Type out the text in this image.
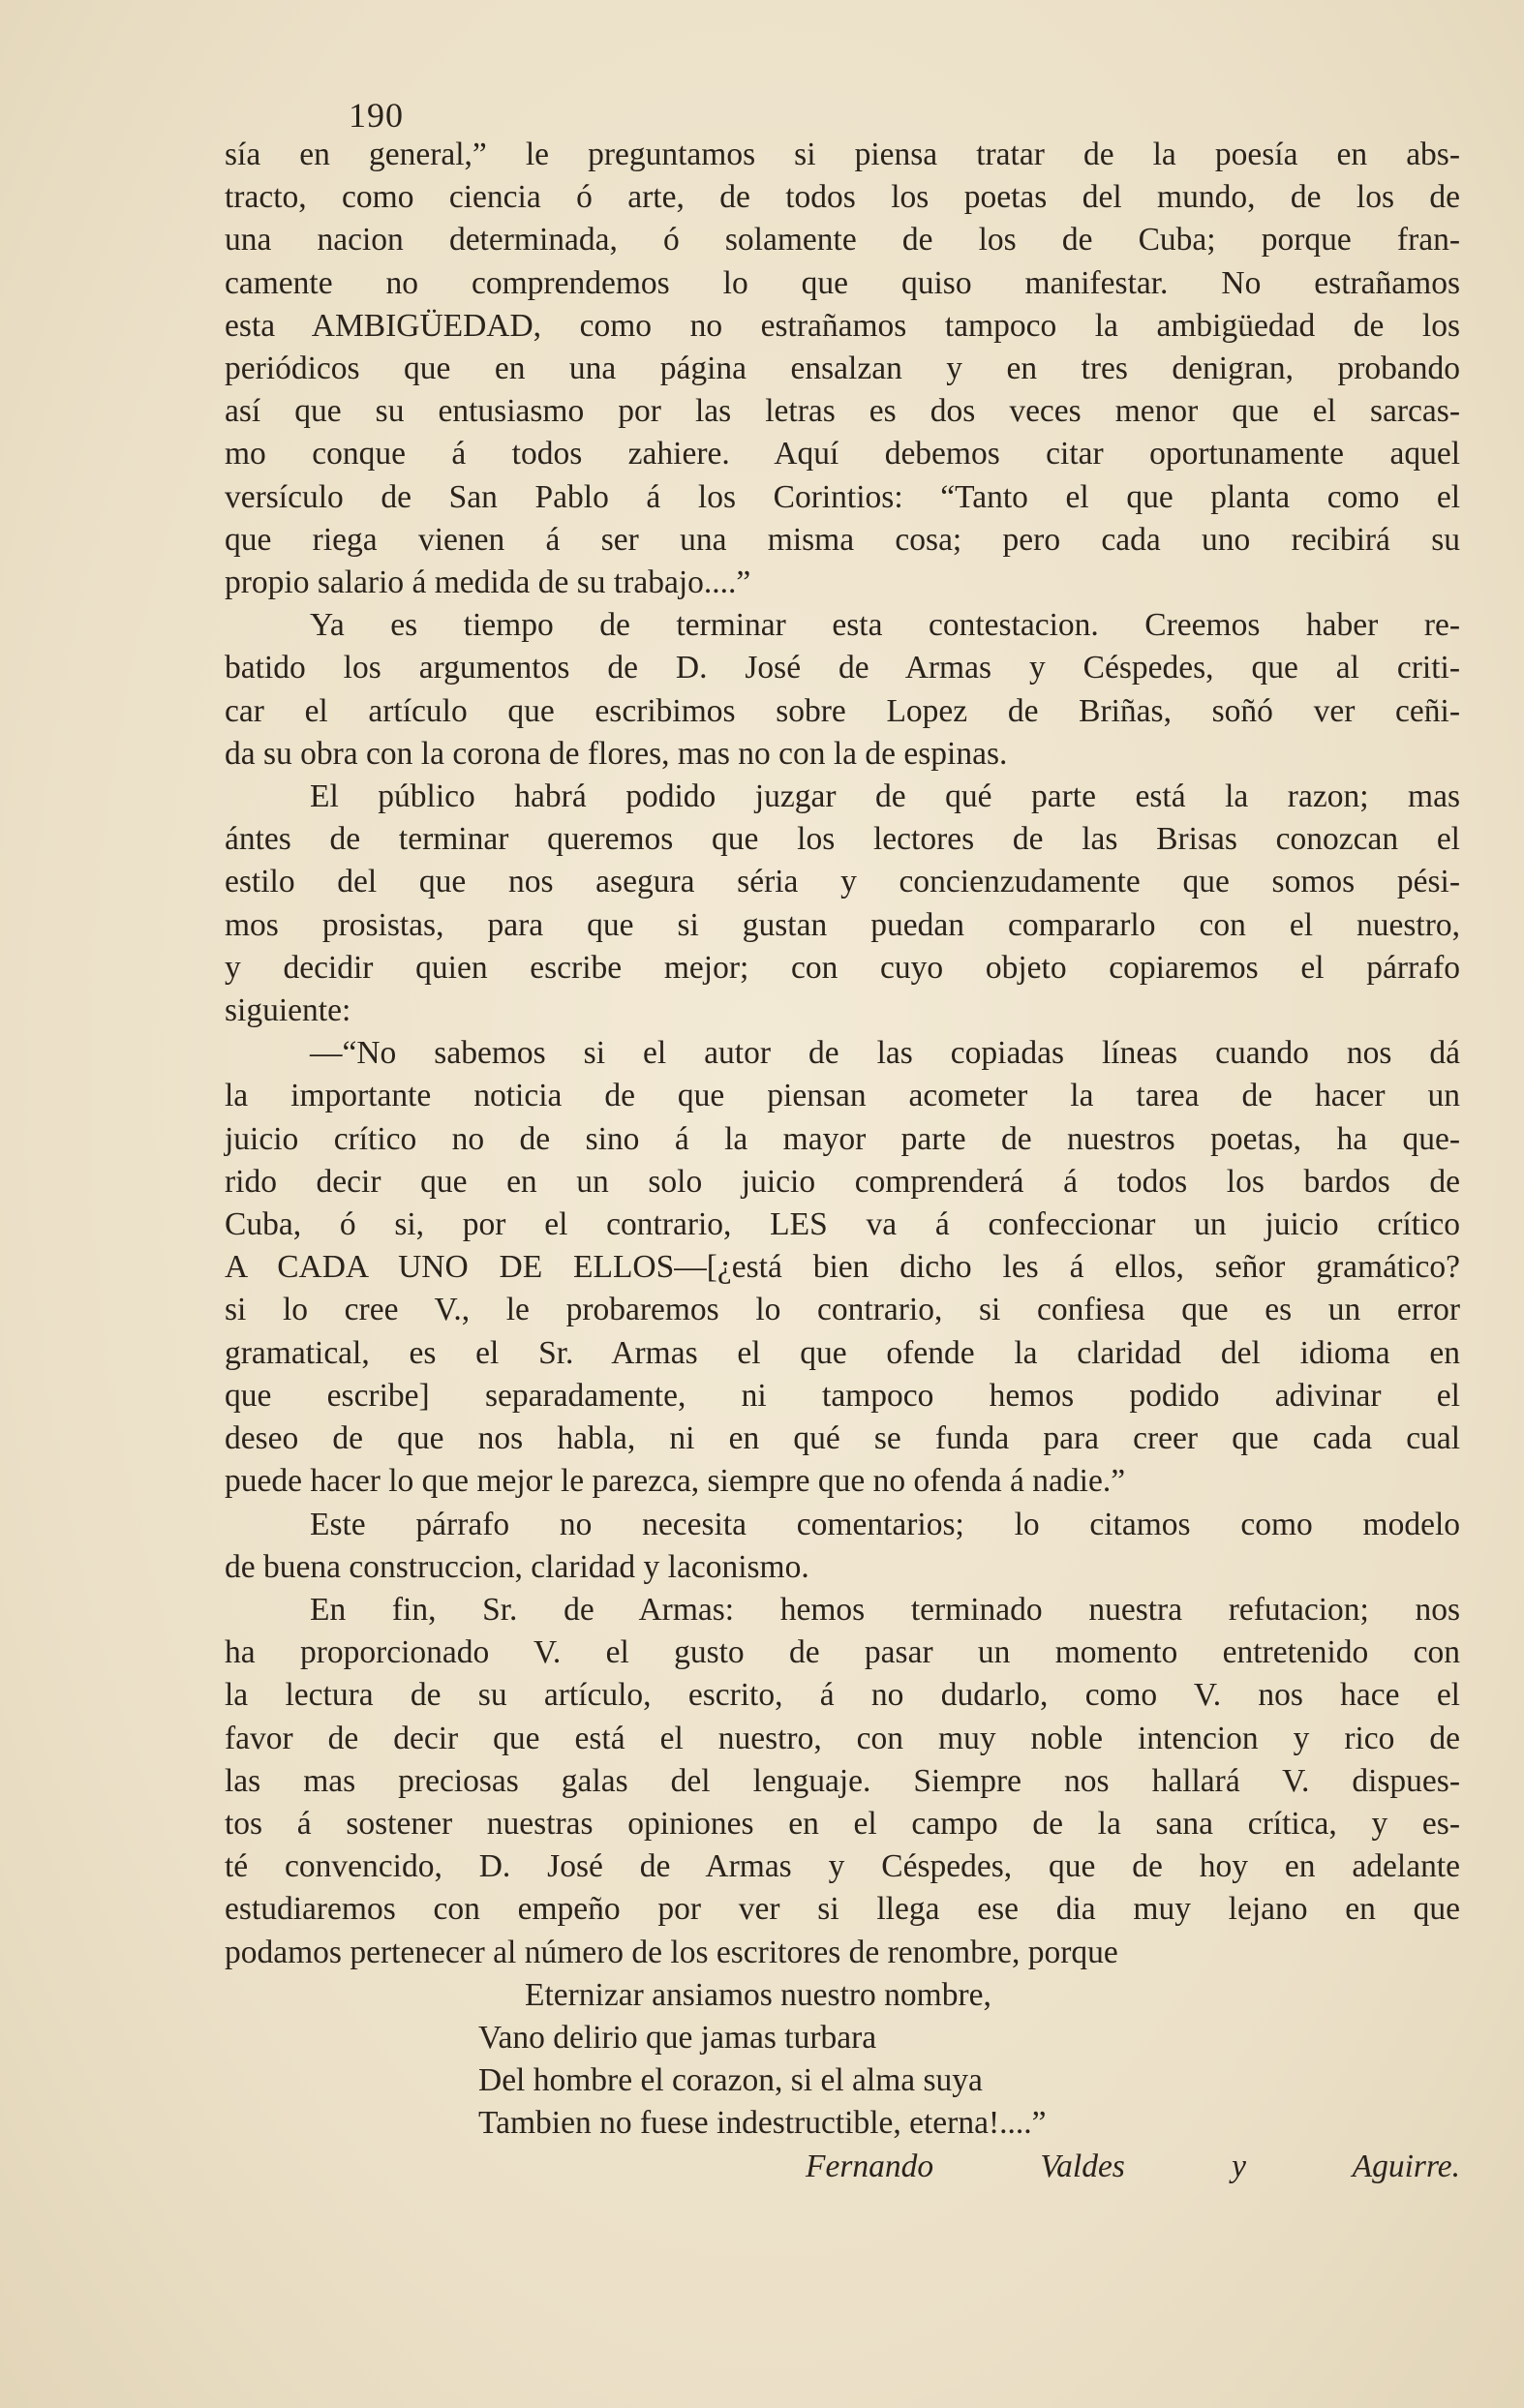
190

sía en general,” le preguntamos si piensa tratar de la poesía en abs-

tracto, como ciencia ó arte, de todos los poetas del mundo, de los de

una nacion determinada, ó solamente de los de Cuba; porque fran-

camente no comprendemos lo que quiso manifestar. No estrañamos

esta AMBIGÜEDAD, como no estrañamos tampoco la ambigüedad de los

periódicos que en una página ensalzan y en tres denigran, probando

así que su entusiasmo por las letras es dos veces menor que el sarcas-

mo conque á todos zahiere. Aquí debemos citar oportunamente aquel

versículo de San Pablo á los Corintios: “Tanto el que planta como el

que riega vienen á ser una misma cosa; pero cada uno recibirá su

propio salario á medida de su trabajo....”

Ya es tiempo de terminar esta contestacion. Creemos haber re-

batido los argumentos de D. José de Armas y Céspedes, que al criti-

car el artículo que escribimos sobre Lopez de Briñas, soñó ver ceñi-

da su obra con la corona de flores, mas no con la de espinas.

El público habrá podido juzgar de qué parte está la razon; mas

ántes de terminar queremos que los lectores de las Brisas conozcan el

estilo del que nos asegura séria y concienzudamente que somos pési-

mos prosistas, para que si gustan puedan compararlo con el nuestro,

y decidir quien escribe mejor; con cuyo objeto copiaremos el párrafo

siguiente:

—“No sabemos si el autor de las copiadas líneas cuando nos dá

la importante noticia de que piensan acometer la tarea de hacer un

juicio crítico no de sino á la mayor parte de nuestros poetas, ha que-

rido decir que en un solo juicio comprenderá á todos los bardos de

Cuba, ó si, por el contrario, LES va á confeccionar un juicio crítico

A CADA UNO DE ELLOS—[¿está bien dicho les á ellos, señor gramático?

si lo cree V., le probaremos lo contrario, si confiesa que es un error

gramatical, es el Sr. Armas el que ofende la claridad del idioma en

que escribe] separadamente, ni tampoco hemos podido adivinar el

deseo de que nos habla, ni en qué se funda para creer que cada cual

puede hacer lo que mejor le parezca, siempre que no ofenda á nadie.”

Este párrafo no necesita comentarios; lo citamos como modelo

de buena construccion, claridad y laconismo.

En fin, Sr. de Armas: hemos terminado nuestra refutacion; nos

ha proporcionado V. el gusto de pasar un momento entretenido con

la lectura de su artículo, escrito, á no dudarlo, como V. nos hace el

favor de decir que está el nuestro, con muy noble intencion y rico de

las mas preciosas galas del lenguaje. Siempre nos hallará V. dispues-

tos á sostener nuestras opiniones en el campo de la sana crítica, y es-

té convencido, D. José de Armas y Céspedes, que de hoy en adelante

estudiaremos con empeño por ver si llega ese dia muy lejano en que

podamos pertenecer al número de los escritores de renombre, porque

Eternizar ansiamos nuestro nombre,
Vano delirio que jamas turbara
Del hombre el corazon, si el alma suya
Tambien no fuese indestructible, eterna!....”

Fernando Valdes y Aguirre.
